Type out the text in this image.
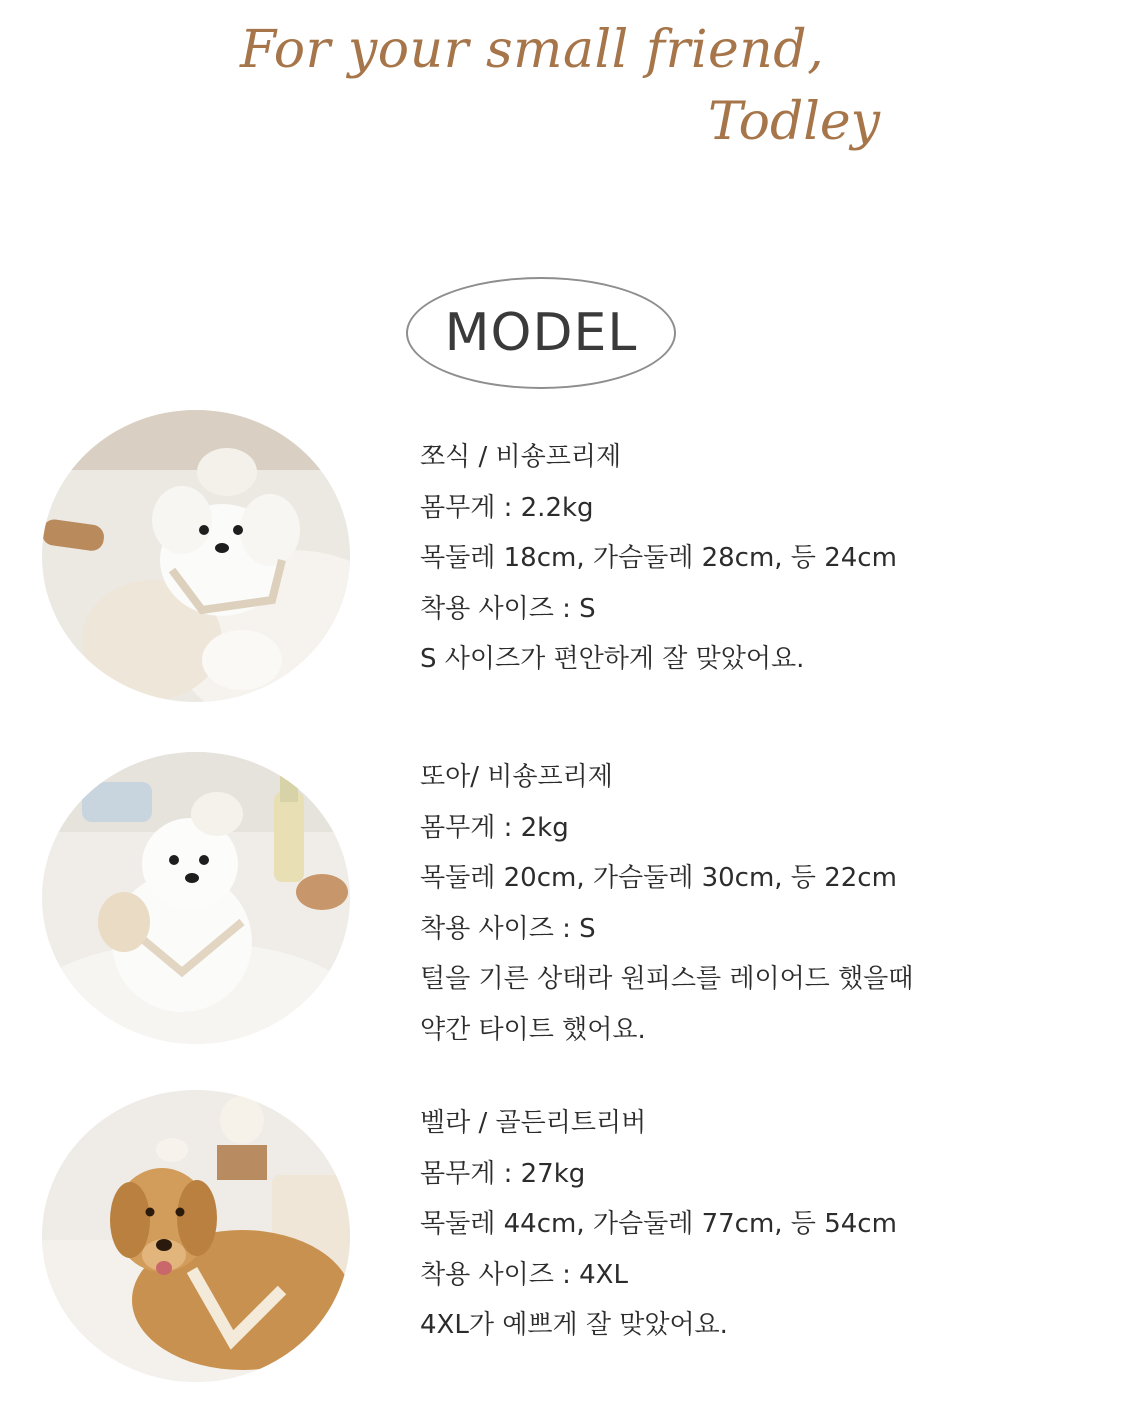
For your small friend,
Todley
MODEL
쪼식 / 비숑프리제
몸무게 : 2.2kg
목둘레 18cm, 가슴둘레 28cm, 등 24cm
착용 사이즈 : S
S 사이즈가 편안하게 잘 맞았어요.
또아/ 비숑프리제
몸무게 : 2kg
목둘레 20cm, 가슴둘레 30cm, 등 22cm
착용 사이즈 : S
털을 기른 상태라 원피스를 레이어드 했을때
약간 타이트 했어요.
벨라 / 골든리트리버
몸무게 : 27kg
목둘레 44cm, 가슴둘레 77cm, 등 54cm
착용 사이즈 : 4XL
4XL가 예쁘게 잘 맞았어요.
